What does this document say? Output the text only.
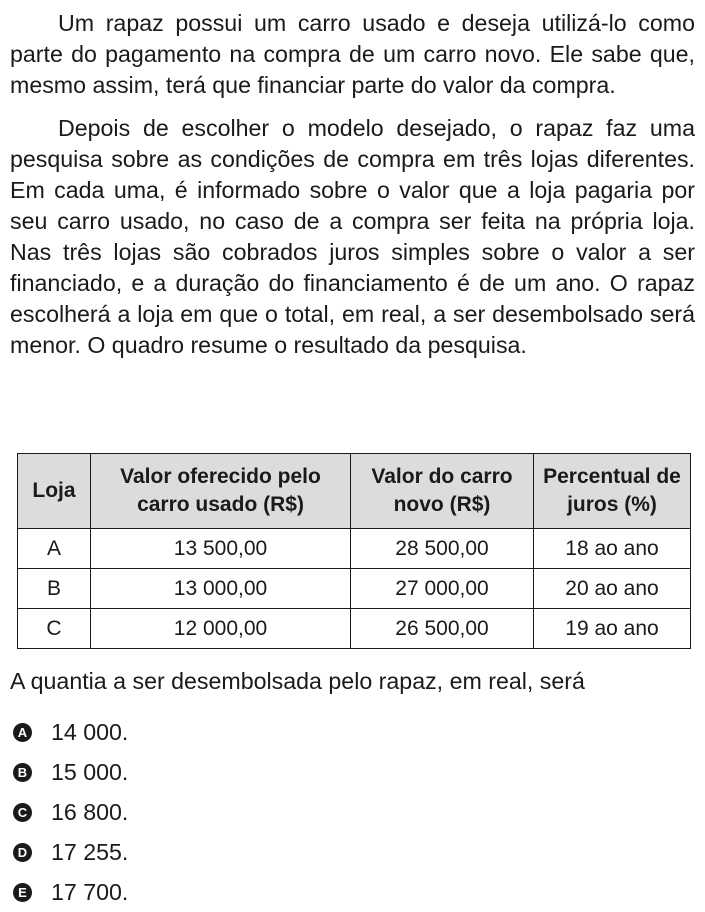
Um rapaz possui um carro usado e deseja utilizá-lo como parte do pagamento na compra de um carro novo. Ele sabe que, mesmo assim, terá que financiar parte do valor da compra.

Depois de escolher o modelo desejado, o rapaz faz uma pesquisa sobre as condições de compra em três lojas diferentes. Em cada uma, é informado sobre o valor que a loja pagaria por seu carro usado, no caso de a compra ser feita na própria loja. Nas três lojas são cobrados juros simples sobre o valor a ser financiado, e a duração do financiamento é de um ano. O rapaz escolherá a loja em que o total, em real, a ser desembolsado será menor. O quadro resume o resultado da pesquisa.

Loja	Valor oferecido pelo carro usado (R$)	Valor do carro novo (R$)	Percentual de juros (%)
A	13 500,00	28 500,00	18 ao ano
B	13 000,00	27 000,00	20 ao ano
C	12 000,00	26 500,00	19 ao ano

A quantia a ser desembolsada pelo rapaz, em real, será

A 14 000.
B 15 000.
C 16 800.
D 17 255.
E 17 700.
